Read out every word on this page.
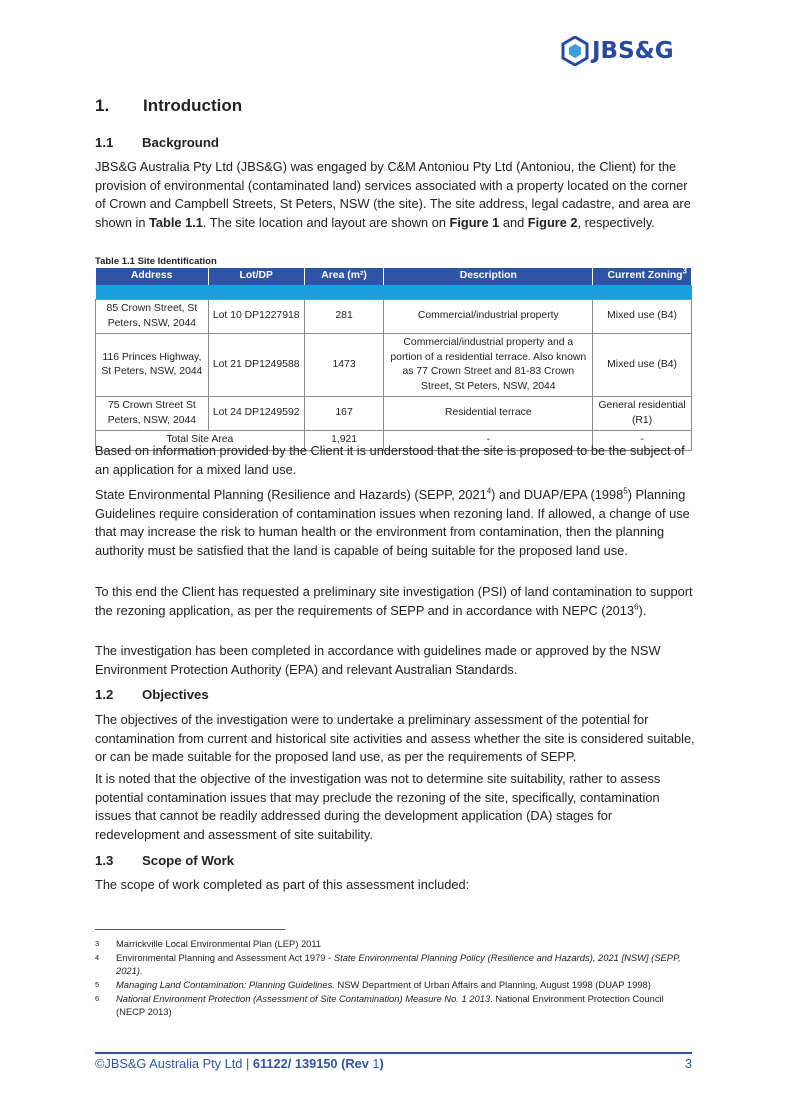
JBS&G
1. Introduction
1.1 Background

JBS&G Australia Pty Ltd (JBS&G) was engaged by C&M Antoniou Pty Ltd (Antoniou, the Client) for the provision of environmental (contaminated land) services associated with a property located on the corner of Crown and Campbell Streets, St Peters, NSW (the site). The site address, legal cadastre, and area are shown in Table 1.1. The site location and layout are shown on Figure 1 and Figure 2, respectively.

Table 1.1 Site Identification

Address	Lot/DP	Area (m²)	Description	Current Zoning$^3$

85 Crown Street, St Peters, NSW, 2044	Lot 10 DP1227918	281	Commercial/industrial property	Mixed use (B4)
116 Princes Highway, St Peters, NSW, 2044	Lot 21 DP1249588	1473	Commercial/industrial property and a portion of a residential terrace. Also known as 77 Crown Street and 81-83 Crown Street, St Peters, NSW, 2044	Mixed use (B4)
75 Crown Street St Peters, NSW, 2044	Lot 24 DP1249592	167	Residential terrace	General residential (R1)
Total Site Area		1,921	-	-

Based on information provided by the Client it is understood that the site is proposed to be the subject of an application for a mixed land use.

State Environmental Planning (Resilience and Hazards) (SEPP, 2021$^4$) and DUAP/EPA (1998$^5$) Planning Guidelines require consideration of contamination issues when rezoning land. If allowed, a change of use that may increase the risk to human health or the environment from contamination, then the planning authority must be satisfied that the land is capable of being suitable for the proposed land use.

To this end the Client has requested a preliminary site investigation (PSI) of land contamination to support the rezoning application, as per the requirements of SEPP and in accordance with NEPC (2013$^6$).

The investigation has been completed in accordance with guidelines made or approved by the NSW Environment Protection Authority (EPA) and relevant Australian Standards.

1.2 Objectives

The objectives of the investigation were to undertake a preliminary assessment of the potential for contamination from current and historical site activities and assess whether the site is considered suitable, or can be made suitable for the proposed land use, as per the requirements of SEPP.

It is noted that the objective of the investigation was not to determine site suitability, rather to assess potential contamination issues that may preclude the rezoning of the site, specifically, contamination issues that cannot be readily addressed during the development application (DA) stages for redevelopment and assessment of site suitability.

1.3 Scope of Work

The scope of work completed as part of this assessment included:

3	Marrickville Local Environmental Plan (LEP) 2011

4	Environmental Planning and Assessment Act 1979 - State Environmental Planning Policy (Resilience and Hazards), 2021 [NSW] (SEPP, 2021).

5	Managing Land Contamination: Planning Guidelines. NSW Department of Urban Affairs and Planning, August 1998 (DUAP 1998)

6	National Environment Protection (Assessment of Site Contamination) Measure No. 1 2013. National Environment Protection Council (NECP 2013)

©JBS&G Australia Pty Ltd | 61122/ 139150 (Rev 1)	3
